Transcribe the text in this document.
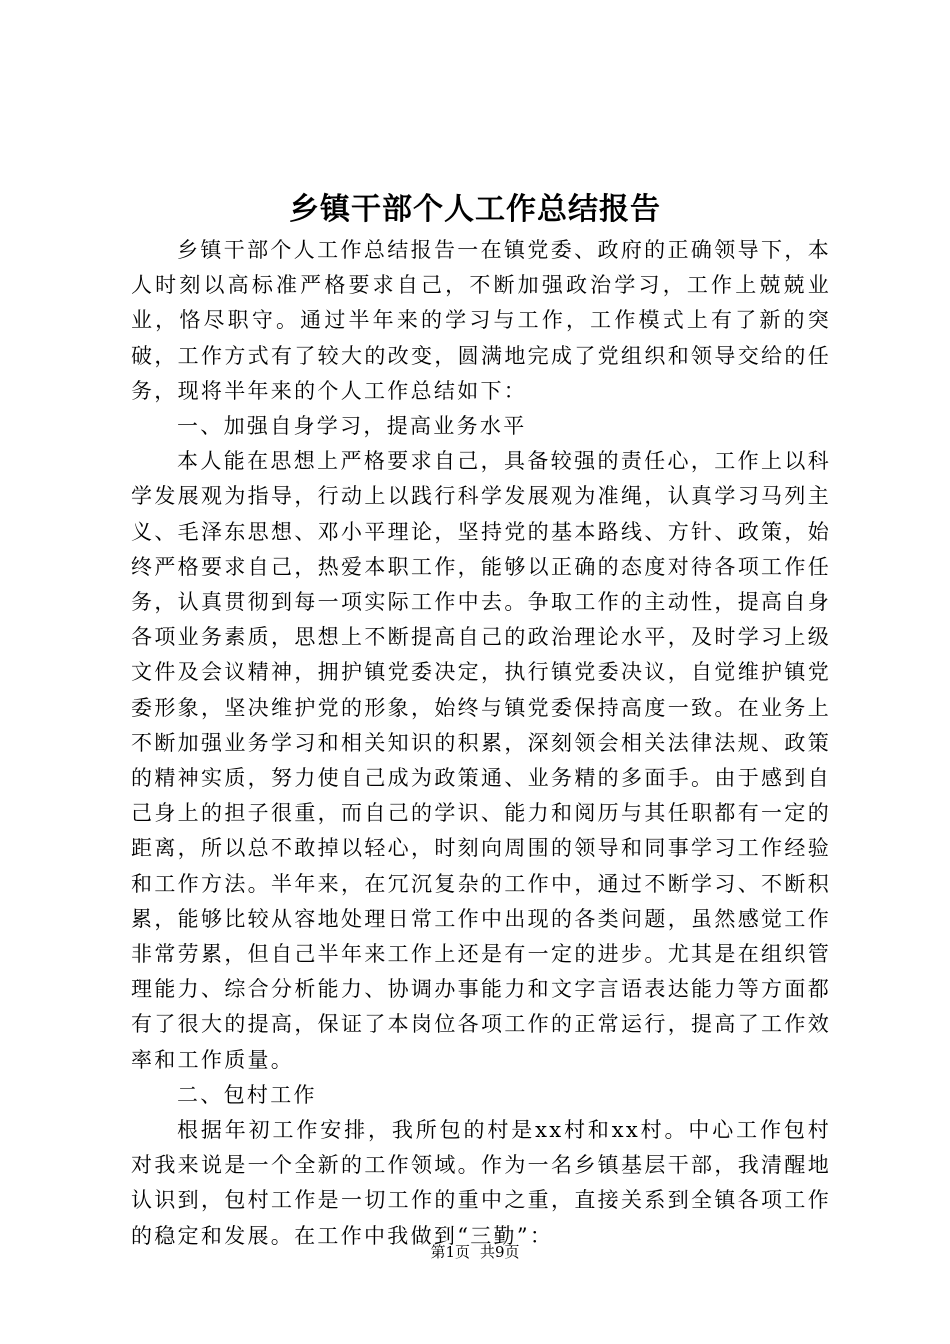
乡镇干部个人工作总结报告

乡镇干部个人工作总结报告一在镇党委、政府的正确领导下，本人时刻以高标准严格要求自己，不断加强政治学习，工作上兢兢业业，恪尽职守。通过半年来的学习与工作，工作模式上有了新的突破，工作方式有了较大的改变，圆满地完成了党组织和领导交给的任务，现将半年来的个人工作总结如下：

一、加强自身学习，提高业务水平

本人能在思想上严格要求自己，具备较强的责任心，工作上以科学发展观为指导，行动上以践行科学发展观为准绳，认真学习马列主义、毛泽东思想、邓小平理论，坚持党的基本路线、方针、政策，始终严格要求自己，热爱本职工作，能够以正确的态度对待各项工作任务，认真贯彻到每一项实际工作中去。争取工作的主动性，提高自身各项业务素质，思想上不断提高自己的政治理论水平，及时学习上级文件及会议精神，拥护镇党委决定，执行镇党委决议，自觉维护镇党委形象，坚决维护党的形象，始终与镇党委保持高度一致。在业务上不断加强业务学习和相关知识的积累，深刻领会相关法律法规、政策的精神实质，努力使自己成为政策通、业务精的多面手。由于感到自己身上的担子很重，而自己的学识、能力和阅历与其任职都有一定的距离，所以总不敢掉以轻心，时刻向周围的领导和同事学习工作经验和工作方法。半年来，在冗沉复杂的工作中，通过不断学习、不断积累，能够比较从容地处理日常工作中出现的各类问题，虽然感觉工作非常劳累，但自己半年来工作上还是有一定的进步。尤其是在组织管理能力、综合分析能力、协调办事能力和文字言语表达能力等方面都有了很大的提高，保证了本岗位各项工作的正常运行，提高了工作效率和工作质量。

二、包村工作

根据年初工作安排，我所包的村是xx村和xx村。中心工作包村对我来说是一个全新的工作领域。作为一名乡镇基层干部，我清醒地认识到，包村工作是一切工作的重中之重，直接关系到全镇各项工作的稳定和发展。在工作中我做到“三勤”：

第1页 共9页
